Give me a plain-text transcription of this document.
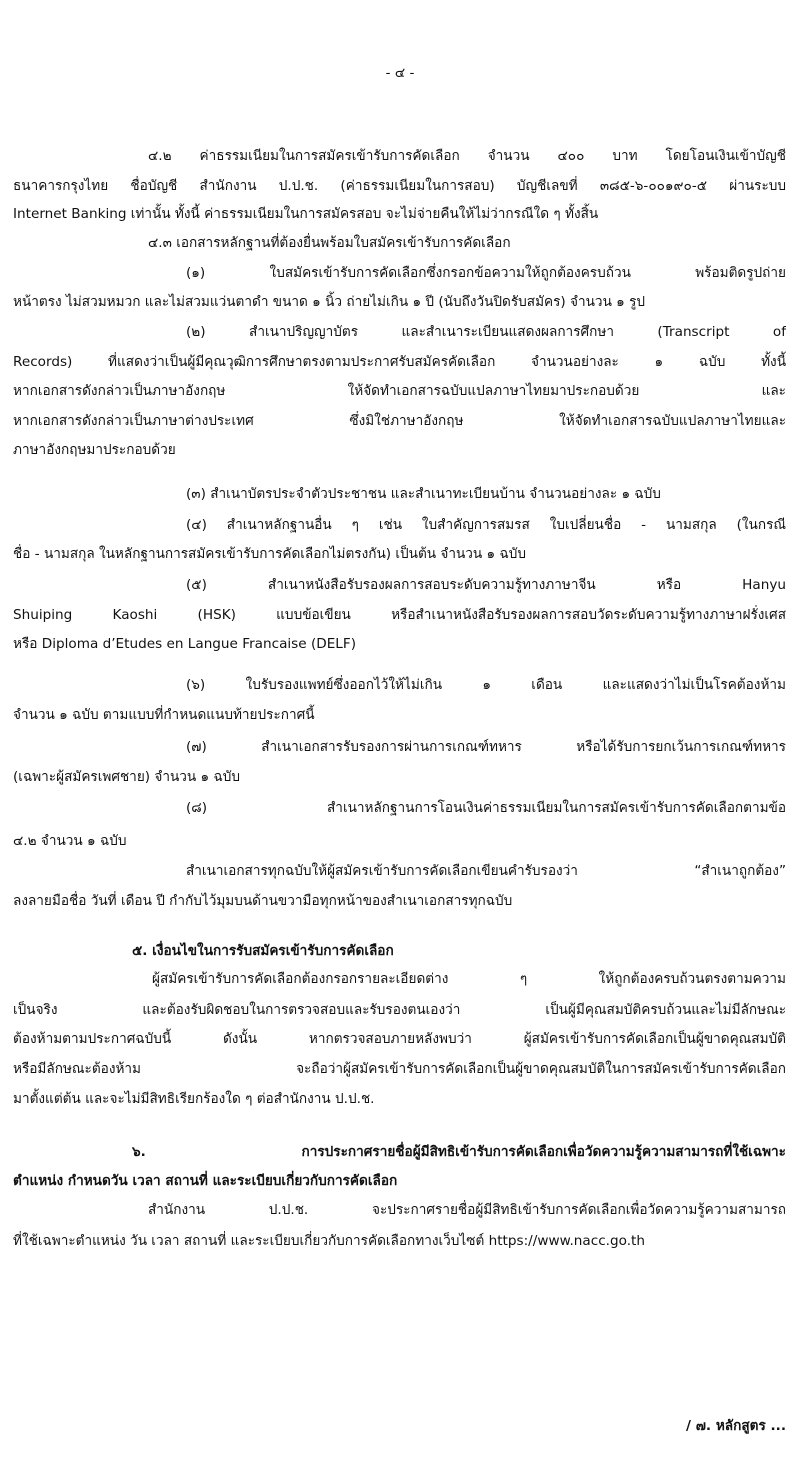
- ๔ -
๔.๒ ค่าธรรมเนียมในการสมัครเข้ารับการคัดเลือก จำนวน ๔๐๐ บาท โดยโอนเงินเข้าบัญชี
ธนาคารกรุงไทย ชื่อบัญชี สำนักงาน ป.ป.ช. (ค่าธรรมเนียมในการสอบ) บัญชีเลขที่ ๓๘๕-๖-๐๐๑๙๐-๕ ผ่านระบบ
Internet Banking เท่านั้น ทั้งนี้ ค่าธรรมเนียมในการสมัครสอบ จะไม่จ่ายคืนให้ไม่ว่ากรณีใด ๆ ทั้งสิ้น
๔.๓ เอกสารหลักฐานที่ต้องยื่นพร้อมใบสมัครเข้ารับการคัดเลือก
(๑) ใบสมัครเข้ารับการคัดเลือกซึ่งกรอกข้อความให้ถูกต้องครบถ้วน พร้อมติดรูปถ่าย
หน้าตรง ไม่สวมหมวก และไม่สวมแว่นตาดำ ขนาด ๑ นิ้ว ถ่ายไม่เกิน ๑ ปี (นับถึงวันปิดรับสมัคร) จำนวน ๑ รูป
(๒) สำเนาปริญญาบัตร และสำเนาระเบียนแสดงผลการศึกษา (Transcript of
Records) ที่แสดงว่าเป็นผู้มีคุณวุฒิการศึกษาตรงตามประกาศรับสมัครคัดเลือก จำนวนอย่างละ ๑ ฉบับ ทั้งนี้
หากเอกสารดังกล่าวเป็นภาษาอังกฤษ ให้จัดทำเอกสารฉบับแปลภาษาไทยมาประกอบด้วย และ
หากเอกสารดังกล่าวเป็นภาษาต่างประเทศ ซึ่งมิใช่ภาษาอังกฤษ ให้จัดทำเอกสารฉบับแปลภาษาไทยและ
ภาษาอังกฤษมาประกอบด้วย
(๓) สำเนาบัตรประจำตัวประชาชน และสำเนาทะเบียนบ้าน จำนวนอย่างละ ๑ ฉบับ
(๔) สำเนาหลักฐานอื่น ๆ เช่น ใบสำคัญการสมรส ใบเปลี่ยนชื่อ - นามสกุล (ในกรณี
ชื่อ - นามสกุล ในหลักฐานการสมัครเข้ารับการคัดเลือกไม่ตรงกัน) เป็นต้น จำนวน ๑ ฉบับ
(๕) สำเนาหนังสือรับรองผลการสอบระดับความรู้ทางภาษาจีน หรือ Hanyu
Shuiping Kaoshi (HSK) แบบข้อเขียน หรือสำเนาหนังสือรับรองผลการสอบวัดระดับความรู้ทางภาษาฝรั่งเศส
หรือ Diploma d’Etudes en Langue Francaise (DELF)
(๖) ใบรับรองแพทย์ซึ่งออกไว้ให้ไม่เกิน ๑ เดือน และแสดงว่าไม่เป็นโรคต้องห้าม
จำนวน ๑ ฉบับ ตามแบบที่กำหนดแนบท้ายประกาศนี้
(๗) สำเนาเอกสารรับรองการผ่านการเกณฑ์ทหาร หรือได้รับการยกเว้นการเกณฑ์ทหาร
(เฉพาะผู้สมัครเพศชาย) จำนวน ๑ ฉบับ
(๘) สำเนาหลักฐานการโอนเงินค่าธรรมเนียมในการสมัครเข้ารับการคัดเลือกตามข้อ
๔.๒ จำนวน ๑ ฉบับ
สำเนาเอกสารทุกฉบับให้ผู้สมัครเข้ารับการคัดเลือกเขียนคำรับรองว่า “สำเนาถูกต้อง”
ลงลายมือชื่อ วันที่ เดือน ปี กำกับไว้มุมบนด้านขวามือทุกหน้าของสำเนาเอกสารทุกฉบับ
๕. เงื่อนไขในการรับสมัครเข้ารับการคัดเลือก
ผู้สมัครเข้ารับการคัดเลือกต้องกรอกรายละเอียดต่าง ๆ ให้ถูกต้องครบถ้วนตรงตามความ
เป็นจริง และต้องรับผิดชอบในการตรวจสอบและรับรองตนเองว่า เป็นผู้มีคุณสมบัติครบถ้วนและไม่มีลักษณะ
ต้องห้ามตามประกาศฉบับนี้ ดังนั้น หากตรวจสอบภายหลังพบว่า ผู้สมัครเข้ารับการคัดเลือกเป็นผู้ขาดคุณสมบัติ
หรือมีลักษณะต้องห้าม จะถือว่าผู้สมัครเข้ารับการคัดเลือกเป็นผู้ขาดคุณสมบัติในการสมัครเข้ารับการคัดเลือก
มาตั้งแต่ต้น และจะไม่มีสิทธิเรียกร้องใด ๆ ต่อสำนักงาน ป.ป.ช.
๖. การประกาศรายชื่อผู้มีสิทธิเข้ารับการคัดเลือกเพื่อวัดความรู้ความสามารถที่ใช้เฉพาะ
ตำแหน่ง กำหนดวัน เวลา สถานที่ และระเบียบเกี่ยวกับการคัดเลือก
สำนักงาน ป.ป.ช. จะประกาศรายชื่อผู้มีสิทธิเข้ารับการคัดเลือกเพื่อวัดความรู้ความสามารถ
ที่ใช้เฉพาะตำแหน่ง วัน เวลา สถานที่ และระเบียบเกี่ยวกับการคัดเลือกทางเว็บไซต์ https://www.nacc.go.th
/ ๗. หลักสูตร ...
